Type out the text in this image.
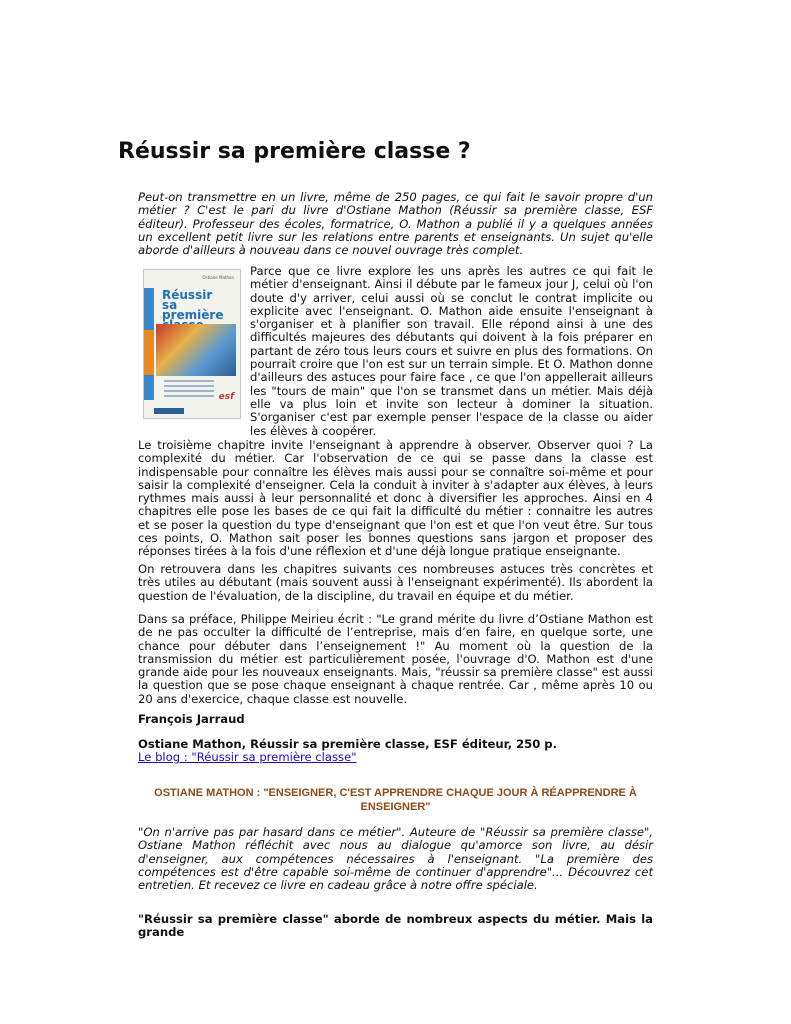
Réussir sa première classe ?

Peut-on transmettre en un livre, même de 250 pages, ce qui fait le savoir propre d'un métier ? C'est le pari du livre d'Ostiane Mathon (Réussir sa première classe, ESF éditeur). Professeur des écoles, formatrice, O. Mathon a publié il y a quelques années un excellent petit livre sur les relations entre parents et enseignants. Un sujet qu'elle aborde d'ailleurs à nouveau dans ce nouvel ouvrage très complet.

Ostiane Mathon
Réussir
sa première
esf

Parce que ce livre explore les uns après les autres ce qui fait le métier d'enseignant. Ainsi il débute par le fameux jour J, celui où l'on doute d'y arriver, celui aussi où se conclut le contrat implicite ou explicite avec l'enseignant. O. Mathon aide ensuite l'enseignant à s'organiser et à planifier son travail. Elle répond ainsi à une des difficultés majeures des débutants qui doivent à la fois préparer en partant de zéro tous leurs cours et suivre en plus des formations. On pourrait croire que l'on est sur un terrain simple. Et O. Mathon donne d'ailleurs des astuces pour faire face , ce que l'on appellerait ailleurs les "tours de main" que l'on se transmet dans un métier. Mais déjà elle va plus loin et invite son lecteur à dominer la situation. S'organiser c'est par exemple penser l'espace de la classe ou aider les élèves à coopérer.

Le troisième chapitre invite l'enseignant à apprendre à observer. Observer quoi ? La complexité du métier. Car l'observation de ce qui se passe dans la classe est indispensable pour connaître les élèves mais aussi pour se connaître soi-même et pour saisir la complexité d'enseigner. Cela la conduit à inviter à s'adapter aux élèves, à leurs rythmes mais aussi à leur personnalité et donc à diversifier les approches. Ainsi en 4 chapitres elle pose les bases de ce qui fait la difficulté du métier : connaitre les autres et se poser la question du type d'enseignant que l'on est et que l'on veut être. Sur tous ces points, O. Mathon sait poser les bonnes questions sans jargon et proposer des réponses tirées à la fois d'une réflexion et d'une déjà longue pratique enseignante.

On retrouvera dans les chapitres suivants ces nombreuses astuces très concrètes et très utiles au débutant (mais souvent aussi à l'enseignant expérimenté). Ils abordent la question de l'évaluation, de la discipline, du travail en équipe et du métier.

Dans sa préface, Philippe Meirieu écrit : "Le grand mérite du livre d’Ostiane Mathon est de ne pas occulter la difficulté de l’entreprise, mais d’en faire, en quelque sorte, une chance pour débuter dans l’enseignement !" Au moment où la question de la transmission du métier est particulièrement posée, l'ouvrage d'O. Mathon est d'une grande aide pour les nouveaux enseignants. Mais, "réussir sa première classe" est aussi la question que se pose chaque enseignant à chaque rentrée. Car , même après 10 ou 20 ans d'exercice, chaque classe est nouvelle.

François Jarraud

Ostiane Mathon, Réussir sa première classe, ESF éditeur, 250 p.

Le blog : "Réussir sa première classe"

OSTIANE MATHON : "ENSEIGNER, C'EST APPRENDRE CHAQUE JOUR À RÉAPPRENDRE À
ENSEIGNER"

"On n'arrive pas par hasard dans ce métier". Auteure de "Réussir sa première classe", Ostiane Mathon réfléchit avec nous au dialogue qu'amorce son livre, au désir d'enseigner, aux compétences nécessaires à l'enseignant. "La première des compétences est d'être capable soi-même de continuer d'apprendre"... Découvrez cet entretien. Et recevez ce livre en cadeau grâce à notre offre spéciale.

"Réussir sa première classe" aborde de nombreux aspects du métier. Mais la grande
